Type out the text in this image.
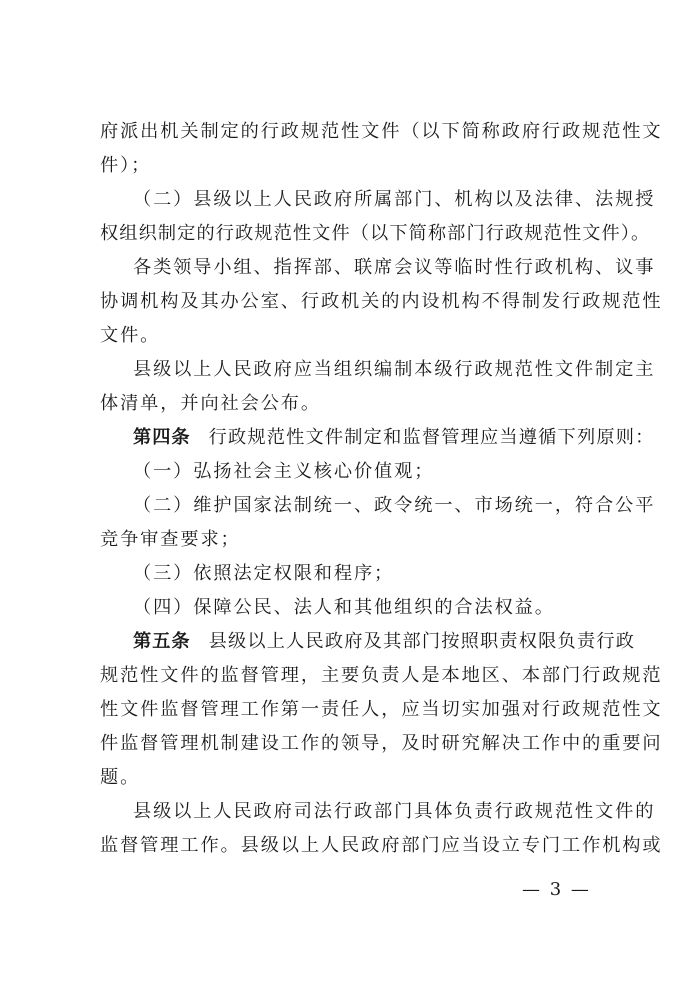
府派出机关制定的行政规范性文件（以下简称政府行政规范性文
件）；
（二）县级以上人民政府所属部门、机构以及法律、法规授
权组织制定的行政规范性文件（以下简称部门行政规范性文件）。
各类领导小组、指挥部、联席会议等临时性行政机构、议事
协调机构及其办公室、行政机关的内设机构不得制发行政规范性
文件。
县级以上人民政府应当组织编制本级行政规范性文件制定主
体清单，并向社会公布。
第四条 行政规范性文件制定和监督管理应当遵循下列原则：
（一）弘扬社会主义核心价值观；
（二）维护国家法制统一、政令统一、市场统一，符合公平
竞争审查要求；
（三）依照法定权限和程序；
（四）保障公民、法人和其他组织的合法权益。
第五条 县级以上人民政府及其部门按照职责权限负责行政
规范性文件的监督管理，主要负责人是本地区、本部门行政规范
性文件监督管理工作第一责任人，应当切实加强对行政规范性文
件监督管理机制建设工作的领导，及时研究解决工作中的重要问
题。
县级以上人民政府司法行政部门具体负责行政规范性文件的
监督管理工作。县级以上人民政府部门应当设立专门工作机构或
— 3 —
